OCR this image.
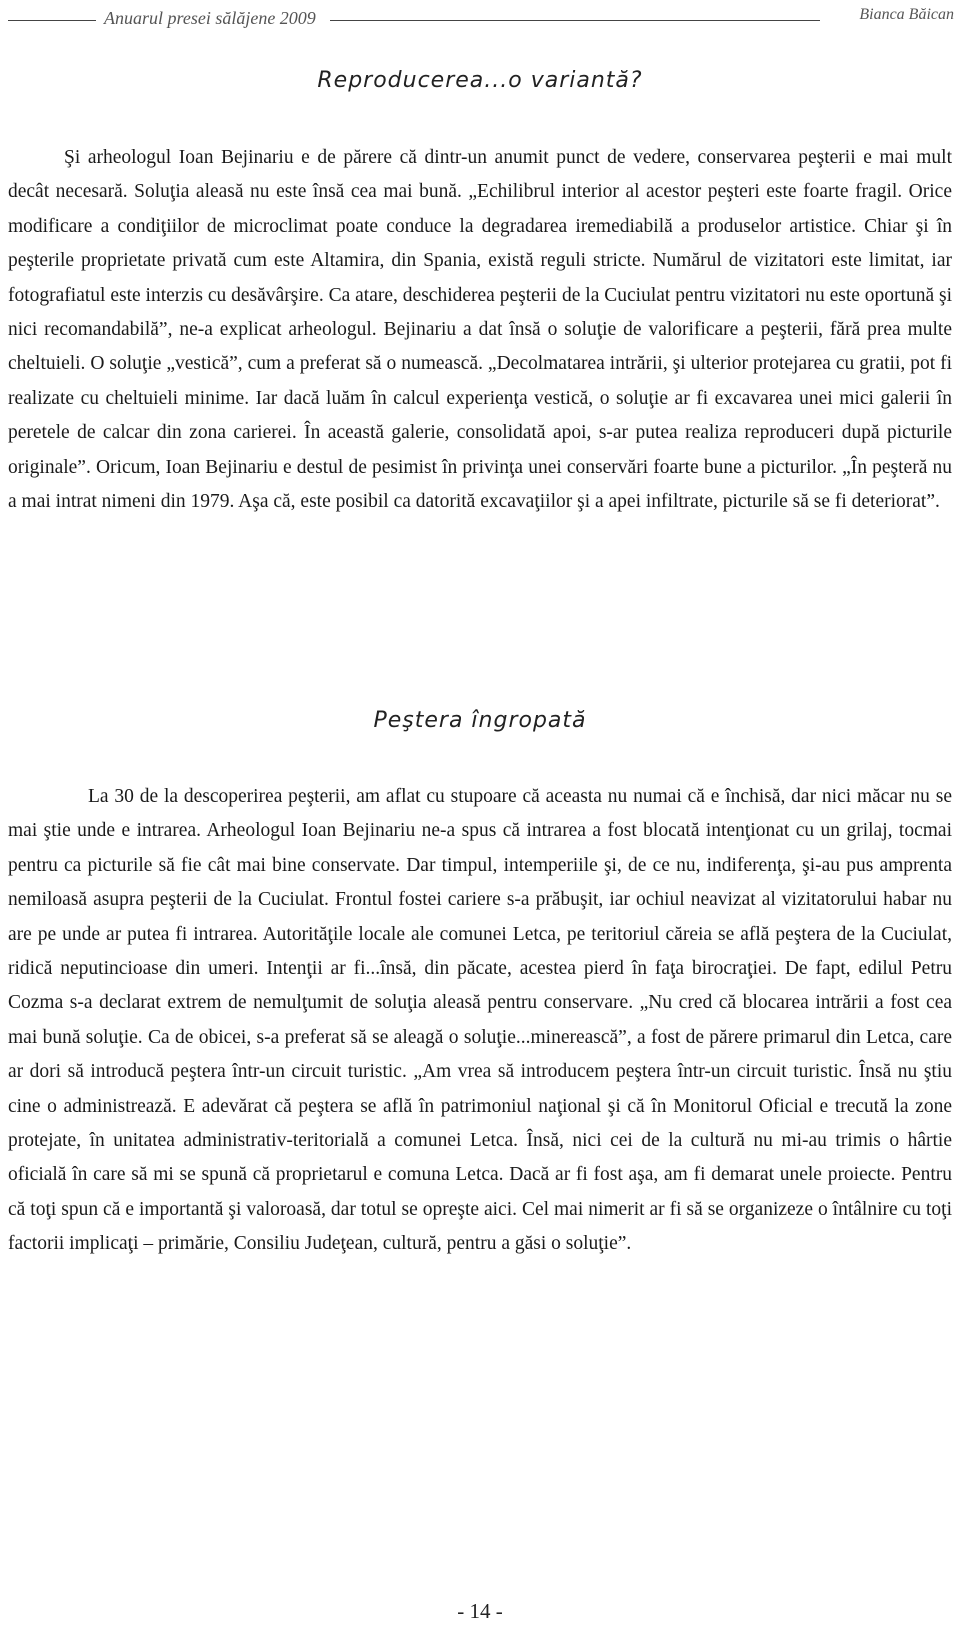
Anuarul presei sălăjene 2009	Bianca Băican
Reproducerea...o variantă?

Şi arheologul Ioan Bejinariu e de părere că dintr-un anumit punct de vedere, conservarea peşterii e mai mult decât necesară. Soluţia aleasă nu este însă cea mai bună. „Echilibrul interior al acestor peşteri este foarte fragil. Orice modificare a condiţiilor de microclimat poate conduce la degradarea iremediabilă a produselor artistice. Chiar şi în peşterile proprietate privată cum este Altamira, din Spania, există reguli stricte. Numărul de vizitatori este limitat, iar fotografiatul este interzis cu desăvârşire. Ca atare, deschiderea peşterii de la Cuciulat pentru vizitatori nu este oportună şi nici recomandabilă”, ne-a explicat arheologul. Bejinariu a dat însă o soluţie de valorificare a peşterii, fără prea multe cheltuieli. O soluţie „vestică”, cum a preferat să o numească. „Decolmatarea intrării, şi ulterior protejarea cu gratii, pot fi realizate cu cheltuieli minime. Iar dacă luăm în calcul experienţa vestică, o soluţie ar fi excavarea unei mici galerii în peretele de calcar din zona carierei. În această galerie, consolidată apoi, s-ar putea realiza reproduceri după picturile originale”. Oricum, Ioan Bejinariu e destul de pesimist în privinţa unei conservări foarte bune a picturilor. „În peşteră nu a mai intrat nimeni din 1979. Aşa că, este posibil ca datorită excavaţiilor şi a apei infiltrate, picturile să se fi deteriorat”.

Peştera îngropată

La 30 de la descoperirea peşterii, am aflat cu stupoare că aceasta nu numai că e închisă, dar nici măcar nu se mai ştie unde e intrarea. Arheologul Ioan Bejinariu ne-a spus că intrarea a fost blocată intenţionat cu un grilaj, tocmai pentru ca picturile să fie cât mai bine conservate. Dar timpul, intemperiile şi, de ce nu, indiferenţa, şi-au pus amprenta nemiloasă asupra peşterii de la Cuciulat. Frontul fostei cariere s-a prăbuşit, iar ochiul neavizat al vizitatorului habar nu are pe unde ar putea fi intrarea. Autorităţile locale ale comunei Letca, pe teritoriul căreia se află peştera de la Cuciulat, ridică neputincioase din umeri. Intenţii ar fi...însă, din păcate, acestea pierd în faţa birocraţiei. De fapt, edilul Petru Cozma s-a declarat extrem de nemulţumit de soluţia aleasă pentru conservare. „Nu cred că blocarea intrării a fost cea mai bună soluţie. Ca de obicei, s-a preferat să se aleagă o soluţie...minerească”, a fost de părere primarul din Letca, care ar dori să introducă peştera într-un circuit turistic. „Am vrea să introducem peştera într-un circuit turistic. Însă nu ştiu cine o administrează. E adevărat că peştera se află în patrimoniul naţional şi că în Monitorul Oficial e trecută la zone protejate, în unitatea administrativ-teritorială a comunei Letca. Însă, nici cei de la cultură nu mi-au trimis o hârtie oficială în care să mi se spună că proprietarul e comuna Letca. Dacă ar fi fost aşa, am fi demarat unele proiecte. Pentru că toţi spun că e importantă şi valoroasă, dar totul se opreşte aici. Cel mai nimerit ar fi să se organizeze o întâlnire cu toţi factorii implicaţi – primărie, Consiliu Judeţean, cultură, pentru a găsi o soluţie”.

- 14 -
